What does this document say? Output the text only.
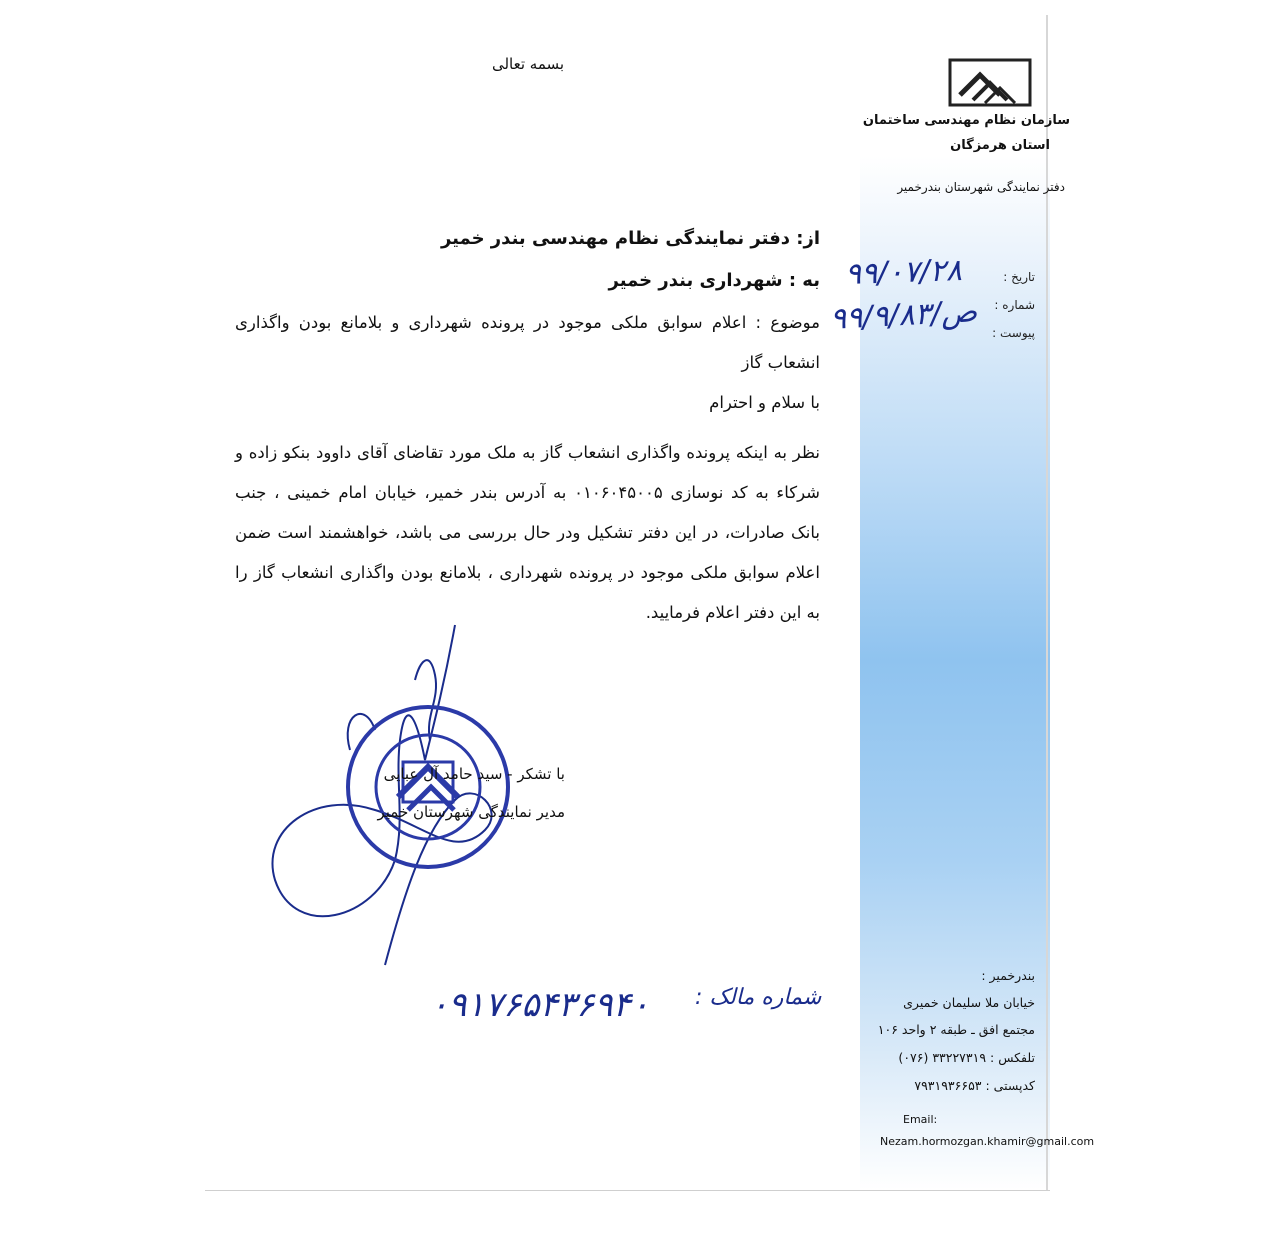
بسمه تعالی
سازمان نظام مهندسی ساختمان
استان هرمزگان
دفتر نمایندگی شهرستان بندرخمیر
تاریخ :
شماره :
پیوست :
۹۹/۰۷/۲۸
ص/۹۹/۹/۸۳
از: دفتر نمایندگی نظام مهندسی بندر خمیر
به : شهرداری بندر خمیر
موضوع : اعلام سوابق ملکی موجود در پرونده شهرداری و بلامانع بودن واگذاری انشعاب گاز
با سلام و احترام
نظر به اینکه پرونده واگذاری انشعاب گاز به ملک مورد تقاضای آقای داوود بنکو زاده و شرکاء به کد نوسازی ۰۱۰۶۰۴۵۰۰۵ به آدرس بندر خمیر، خیابان امام خمینی ، جنب بانک صادرات، در این دفتر تشکیل ودر حال بررسی می باشد، خواهشمند است ضمن اعلام سوابق ملکی موجود در پرونده شهرداری ، بلامانع بودن واگذاری انشعاب گاز را به این دفتر اعلام فرمایید.
با تشکر - سید حامد آل عبایی
مدیر نمایندگی شهرستان خمیر
۰۹۱۷۶۵۴۳۶۹۴۰ شماره مالک :
بندرخمیر :
خیابان ملا سلیمان خمیری
مجتمع افق ـ طبقه ۲ واحد ۱۰۶
تلفکس : ۳۳۲۲۷۳۱۹ (۰۷۶)
کدپستی : ۷۹۳۱۹۳۶۶۵۳
Email:
Nezam.hormozgan.khamir@gmail.com
